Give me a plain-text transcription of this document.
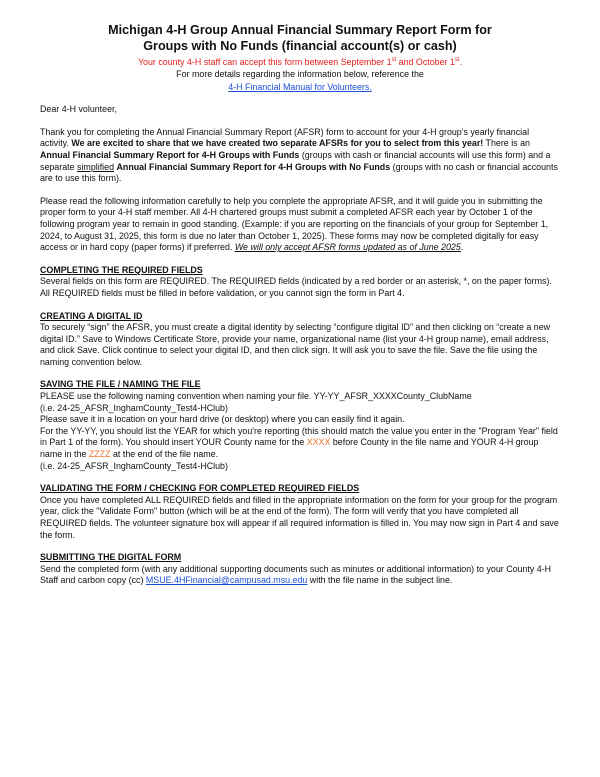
Michigan 4-H Group Annual Financial Summary Report Form for

Groups with No Funds (financial account(s) or cash)

Your county 4-H staff can accept this form between September 1st and October 1st.

For more details regarding the information below, reference the

4-H Financial Manual for Volunteers.

Dear 4-H volunteer,

Thank you for completing the Annual Financial Summary Report (AFSR) form to account for your 4-H group's yearly financial activity. We are excited to share that we have created two separate AFSRs for you to select from this year! There is an Annual Financial Summary Report for 4-H Groups with Funds (groups with cash or financial accounts will use this form) and a separate simplified Annual Financial Summary Report for 4-H Groups with No Funds (groups with no cash or financial accounts are to use this form).

Please read the following information carefully to help you complete the appropriate AFSR, and it will guide you in submitting the proper form to your 4-H staff member. All 4-H chartered groups must submit a completed AFSR each year by October 1 of the following program year to remain in good standing. (Example: if you are reporting on the financials of your group for September 1, 2024, to August 31, 2025, this form is due no later than October 1, 2025). These forms may now be completed digitally for easy access or in hard copy (paper forms) if preferred. We will only accept AFSR forms updated as of June 2025.

COMPLETING THE REQUIRED FIELDS

Several fields on this form are REQUIRED. The REQUIRED fields (indicated by a red border or an asterisk, *, on the paper forms). All REQUIRED fields must be filled in before validation, or you cannot sign the form in Part 4.

CREATING A DIGITAL ID

To securely “sign” the AFSR, you must create a digital identity by selecting “configure digital ID” and then clicking on “create a new digital ID.” Save to Windows Certificate Store, provide your name, organizational name (list your 4-H group name), email address, and click Save. Click continue to select your digital ID, and then click sign. It will ask you to save the file. Save the file using the naming convention below.

SAVING THE FILE / NAMING THE FILE

PLEASE use the following naming convention when naming your file. YY-YY_AFSR_XXXXCounty_ClubName

(i.e. 24-25_AFSR_InghamCounty_Test4-HClub)

Please save it in a location on your hard drive (or desktop) where you can easily find it again.

For the YY-YY, you should list the YEAR for which you're reporting (this should match the value you enter in the "Program Year" field in Part 1 of the form). You should insert YOUR County name for the XXXX before County in the file name and YOUR 4-H group name in the ZZZZ at the end of the file name.

(i.e. 24-25_AFSR_InghamCounty_Test4-HClub)

VALIDATING THE FORM / CHECKING FOR COMPLETED REQUIRED FIELDS

Once you have completed ALL REQUIRED fields and filled in the appropriate information on the form for your group for the program year, click the "Validate Form" button (which will be at the end of the form). The form will verify that you have completed all REQUIRED fields. The volunteer signature box will appear if all required information is filled in. You may now sign in Part 4 and save the form.

SUBMITTING THE DIGITAL FORM

Send the completed form (with any additional supporting documents such as minutes or additional information) to your County 4-H Staff and carbon copy (cc) MSUE.4HFinancial@campusad.msu.edu with the file name in the subject line.
